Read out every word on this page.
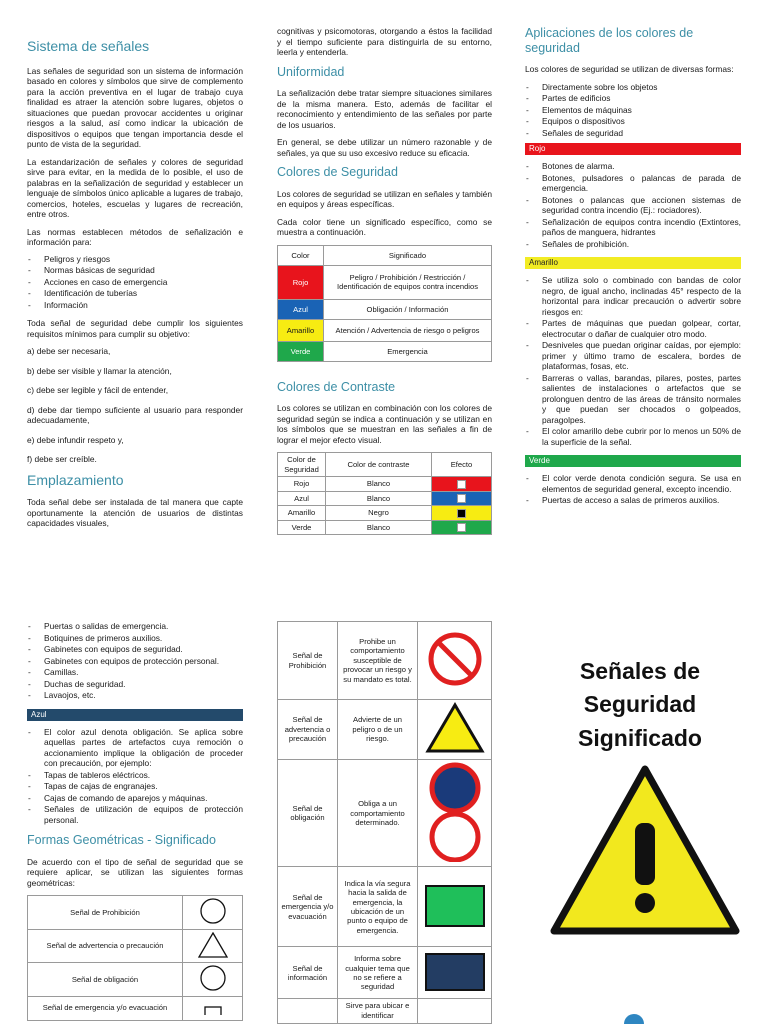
Sistema de señales
Las señales de seguridad son un sistema de información basado en colores y símbolos que sirve de complemento para la acción preventiva en el lugar de trabajo cuya finalidad es atraer la atención sobre lugares, objetos o situaciones que puedan provocar accidentes u originar riesgos a la salud, así como indicar la ubicación de dispositivos o equipos que tengan importancia desde el punto de vista de la seguridad.
La estandarización de señales y colores de seguridad sirve para evitar, en la medida de lo posible, el uso de palabras en la señalización de seguridad y establecer un lenguaje de símbolos único aplicable a lugares de trabajo, comercios, hoteles, escuelas y lugares de recreación, entre otros.
Las normas establecen métodos de señalización e información para:
- Peligros y riesgos
- Normas básicas de seguridad
- Acciones en caso de emergencia
- Identificación de tuberías
- Información
Toda señal de seguridad debe cumplir los siguientes requisitos mínimos para cumplir su objetivo:
a) debe ser necesaria,
b) debe ser visible y llamar la atención,
c) debe ser legible y fácil de entender,
d) debe dar tiempo suficiente al usuario para responder adecuadamente,
e) debe infundir respeto y,
f) debe ser creíble.
Emplazamiento
Toda señal debe ser instalada de tal manera que capte oportunamente la atención de usuarios de distintas capacidades visuales,
cognitivas y psicomotoras, otorgando a éstos la facilidad y el tiempo suficiente para distinguirla de su entorno, leerla y entenderla.
Uniformidad
La señalización debe tratar siempre situaciones similares de la misma manera. Esto, además de facilitar el reconocimiento y entendimiento de las señales por parte de los usuarios.
En general, se debe utilizar un número razonable y de señales, ya que su uso excesivo reduce su eficacia.
Colores de Seguridad
Los colores de seguridad se utilizan en señales y también en equipos y áreas específicas.
Cada color tiene un significado específico, como se muestra a continuación.
Color	Significado
Rojo	Peligro / Prohibición / Restricción / Identificación de equipos contra incendios
Azul	Obligación / Información
Amarillo	Atención / Advertencia de riesgo o peligros
Verde	Emergencia
Colores de Contraste
Los colores se utilizan en combinación con los colores de seguridad según se indica a continuación y se utilizan en los símbolos que se muestran en las señales a fin de lograr el mejor efecto visual.
Color de Seguridad	Color de contraste	Efecto
Rojo	Blanco	
Azul	Blanco	
Amarillo	Negro	
Verde	Blanco	
Aplicaciones de los colores de seguridad
Los colores de seguridad se utilizan de diversas formas:
- Directamente sobre los objetos
- Partes de edificios
- Elementos de máquinas
- Equipos o dispositivos
- Señales de seguridad
Rojo
- Botones de alarma.
- Botones, pulsadores o palancas de parada de emergencia.
- Botones o palancas que accionen sistemas de seguridad contra incendio (Ej.: rociadores).
- Señalización de equipos contra incendio (Extintores, paños de manguera, hidrantes
- Señales de prohibición.
Amarillo
- Se utiliza solo o combinado con bandas de color negro, de igual ancho, inclinadas 45° respecto de la horizontal para indicar precaución o advertir sobre riesgos en:
- Partes de máquinas que puedan golpear, cortar, electrocutar o dañar de cualquier otro modo.
- Desniveles que puedan originar caídas, por ejemplo: primer y último tramo de escalera, bordes de plataformas, fosas, etc.
- Barreras o vallas, barandas, pilares, postes, partes salientes de instalaciones o artefactos que se prolonguen dentro de las áreas de tránsito normales y que puedan ser chocados o golpeados, paragolpes.
- El color amarillo debe cubrir por lo menos un 50% de la superficie de la señal.
Verde
- El color verde denota condición segura. Se usa en elementos de seguridad general, excepto incendio.
- Puertas de acceso a salas de primeros auxilios.
- Puertas o salidas de emergencia.
- Botiquines de primeros auxilios.
- Gabinetes con equipos de seguridad.
- Gabinetes con equipos de protección personal.
- Camillas.
- Duchas de seguridad.
- Lavaojos, etc.
Azul
- El color azul denota obligación. Se aplica sobre aquellas partes de artefactos cuya remoción o accionamiento implique la obligación de proceder con precaución, por ejemplo:
- Tapas de tableros eléctricos.
- Tapas de cajas de engranajes.
- Cajas de comando de aparejos y máquinas.
- Señales de utilización de equipos de protección personal.
Formas Geométricas - Significado
De acuerdo con el tipo de señal de seguridad que se requiere aplicar, se utilizan las siguientes formas geométricas:
Señal de Prohibición	
Señal de advertencia o precaución	
Señal de obligación	
Señal de emergencia y/o evacuación	
Señal de Prohibición	Prohibe un comportamiento susceptible de provocar un riesgo y su mandato es total.	
Señal de advertencia o precaución	Advierte de un peligro o de un riesgo.	
Señal de obligación	Obliga a un comportamiento determinado.	
Señal de emergencia y/o evacuación	Indica la vía segura hacia la salida de emergencia, la ubicación de un punto o equipo de emergencia.	
Señal de información	Informa sobre cualquier tema que no se refiere a seguridad	
	Sirve para ubicar e identificar	
Señales de
Seguridad
Significado
